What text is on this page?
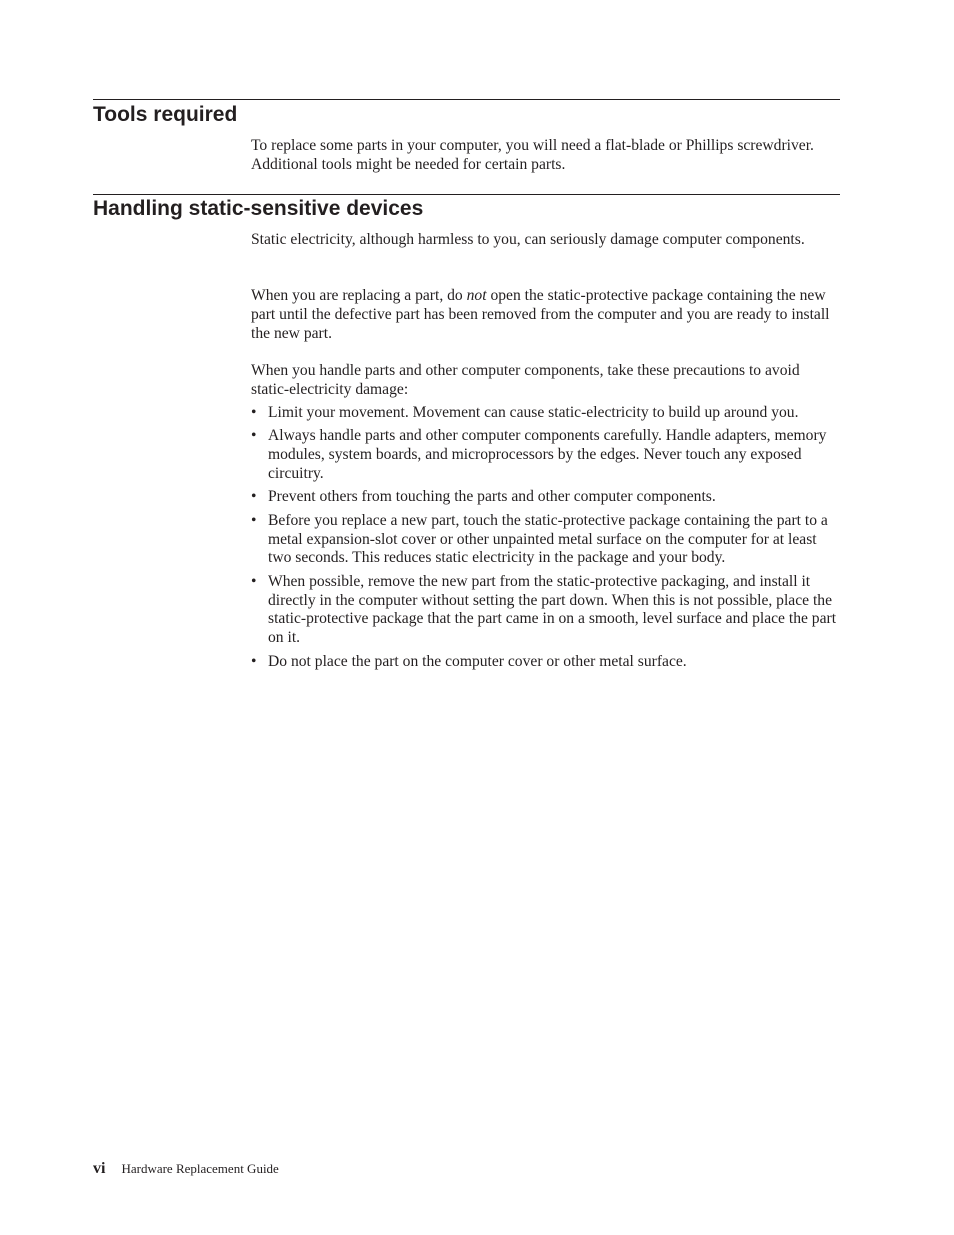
Tools required

To replace some parts in your computer, you will need a flat-blade or Phillips screwdriver. Additional tools might be needed for certain parts.

Handling static-sensitive devices

Static electricity, although harmless to you, can seriously damage computer components.

When you are replacing a part, do not open the static-protective package containing the new part until the defective part has been removed from the computer and you are ready to install the new part.

When you handle parts and other computer components, take these precautions to avoid static-electricity damage:

• Limit your movement. Movement can cause static-electricity to build up around you.
• Always handle parts and other computer components carefully. Handle adapters, memory modules, system boards, and microprocessors by the edges. Never touch any exposed circuitry.
• Prevent others from touching the parts and other computer components.
• Before you replace a new part, touch the static-protective package containing the part to a metal expansion-slot cover or other unpainted metal surface on the computer for at least two seconds. This reduces static electricity in the package and your body.
• When possible, remove the new part from the static-protective packaging, and install it directly in the computer without setting the part down. When this is not possible, place the static-protective package that the part came in on a smooth, level surface and place the part on it.
• Do not place the part on the computer cover or other metal surface.
vi Hardware Replacement Guide
